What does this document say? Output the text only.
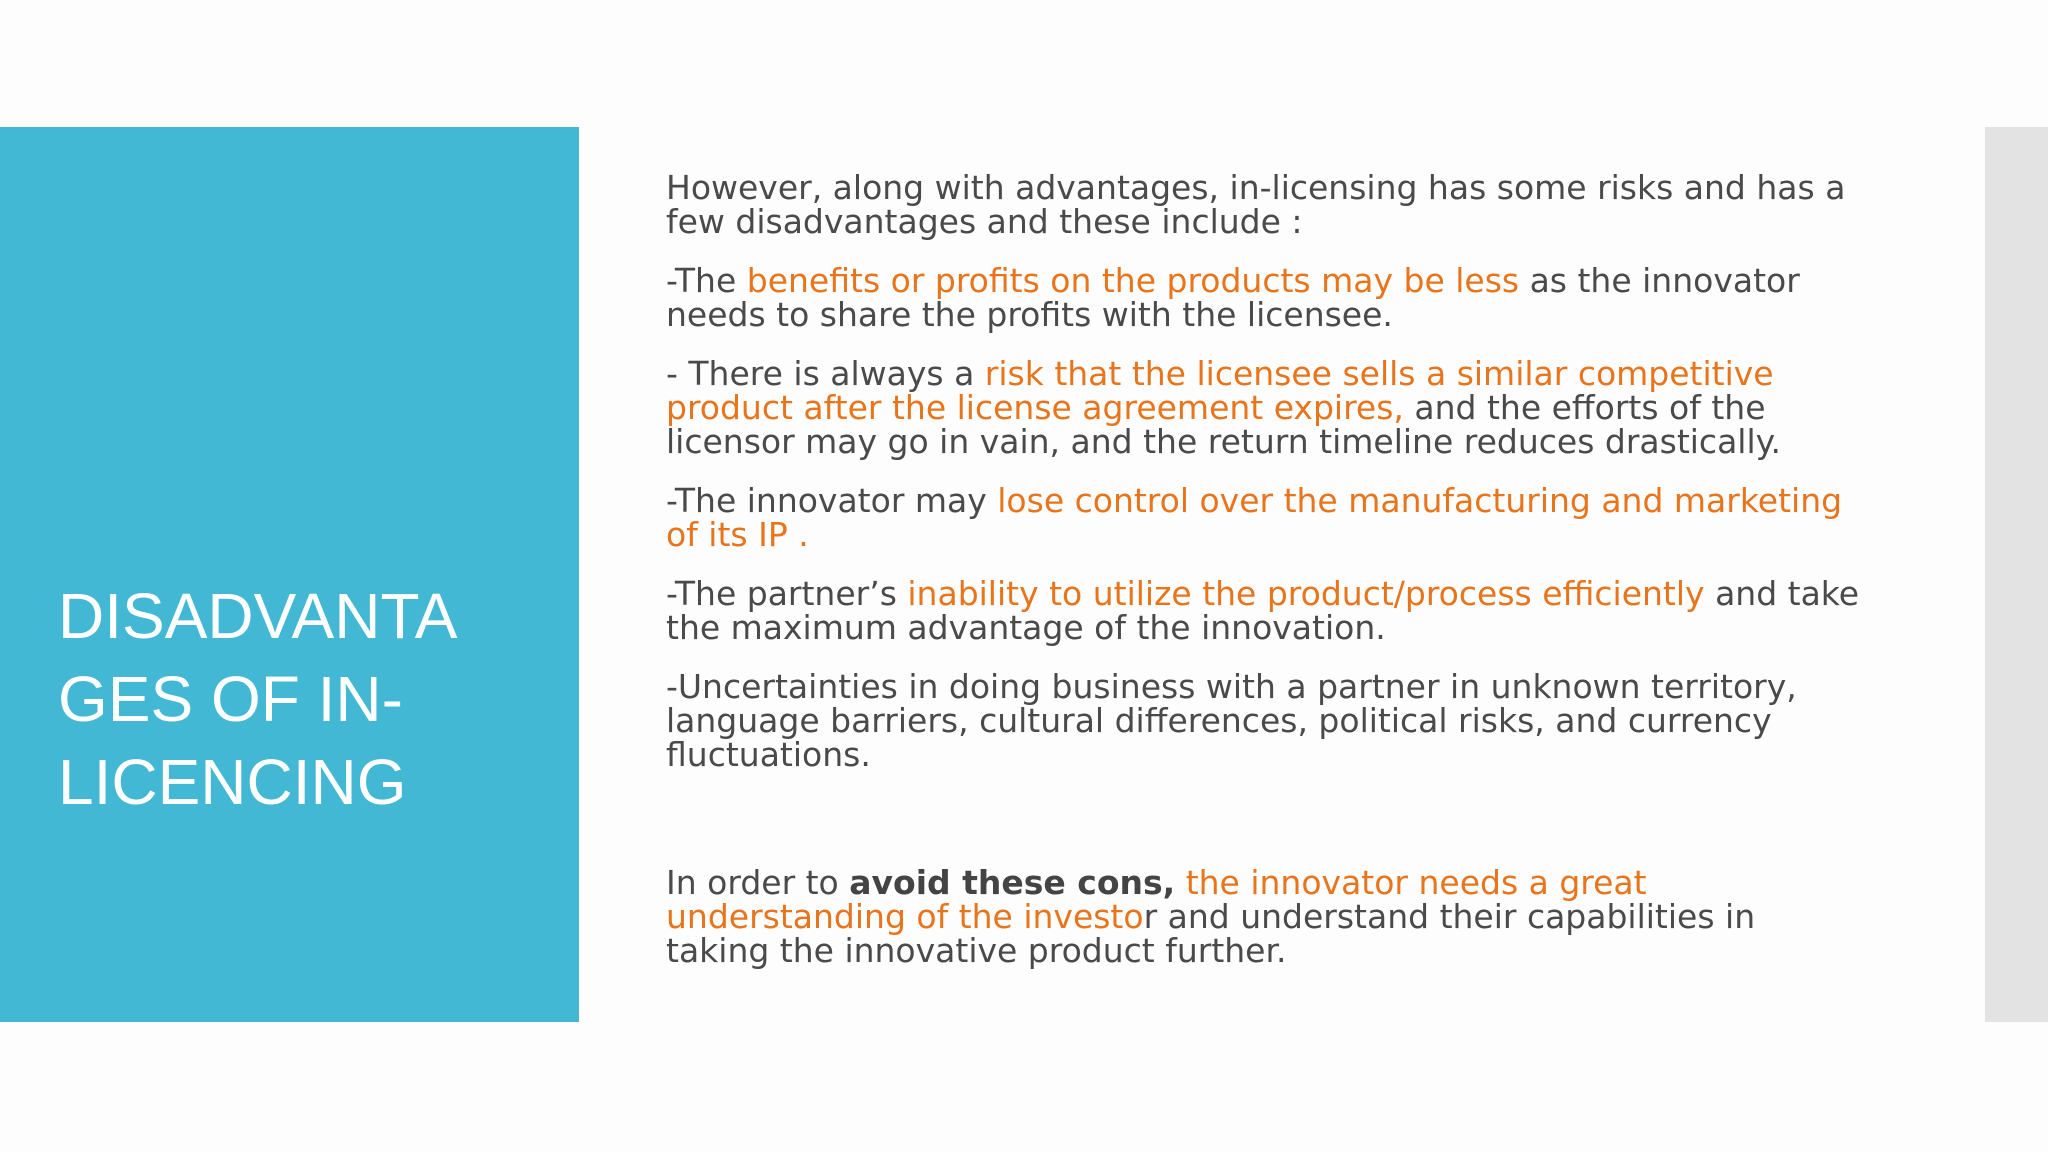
DISADVANTA
GES OF IN-
LICENCING

However, along with advantages, in-licensing has some risks and has a few disadvantages and these include :

-The benefits or profits on the products may be less as the innovator needs to share the profits with the licensee.

- There is always a risk that the licensee sells a similar competitive product after the license agreement expires, and the efforts of the licensor may go in vain, and the return timeline reduces drastically.

-The innovator may lose control over the manufacturing and marketing of its IP .

-The partner’s inability to utilize the product/process efficiently and take the maximum advantage of the innovation.

-Uncertainties in doing business with a partner in unknown territory, language barriers, cultural differences, political risks, and currency fluctuations.

In order to avoid these cons, the innovator needs a great understanding of the investor and understand their capabilities in taking the innovative product further.
